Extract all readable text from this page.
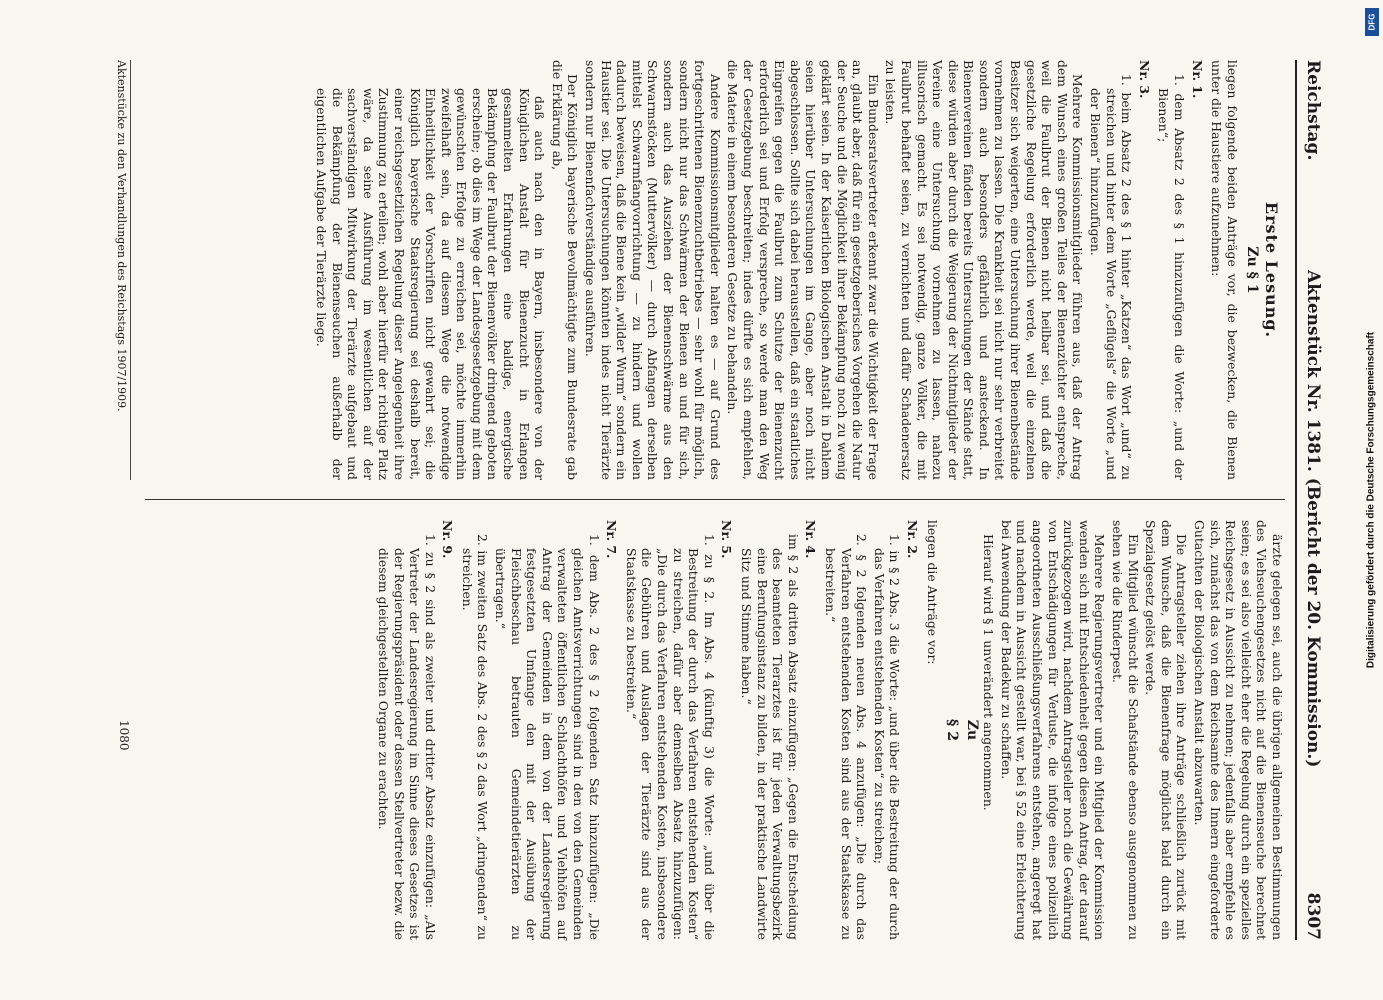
Reichstag.
Aktenstück Nr. 1381. (Bericht der 20. Kommission.)
8307

Erste Lesung.

Zu § 1

liegen folgende beiden Anträge vor, die bezwecken, die Bienen unter die Haustiere aufzunehmen:

Nr. 1.

1. dem Absatz 2 des § 1 hinzuzufügen die Worte: „und der Bienen“;

Nr. 3.

1. beim Absatz 2 des § 1 hinter „Katzen“ das Wort „und“ zu streichen und hinter dem Worte „Geflügels“ die Worte „und der Bienen“ hinzuzufügen.

Mehrere Kommissionsmitglieder führen aus, daß der Antrag dem Wunsch eines großen Teiles der Bienenzüchter entspreche, weil die Faulbrut der Bienen nicht heilbar sei, und daß die gesetzliche Regelung erforderlich werde, weil die einzelnen Besitzer sich weigerten, eine Untersuchung ihrer Bienenbestände vornehmen zu lassen. Die Krankheit sei nicht nur sehr verbreitet sondern auch besonders gefährlich und ansteckend. In Bienenvereinen fänden bereits Untersuchungen der Stände statt, diese würden aber durch die Weigerung der Nichtmitglieder der Vereine eine Untersuchung vornehmen zu lassen, nahezu illusorisch gemacht. Es sei notwendig, ganze Völker, die mit Faulbrut behaftet seien, zu vernichten und dafür Schadenersatz zu leisten.

Ein Bundesratsvertreter erkennt zwar die Wichtigkeit der Frage an, glaubt aber, daß für ein gesetzgeberisches Vorgehen die Natur der Seuche und die Möglichkeit ihrer Bekämpfung noch zu wenig geklärt seien. In der Kaiserlichen Biologischen Anstalt in Dahlem seien hierüber Untersuchungen im Gange, aber noch nicht abgeschlossen. Sollte sich dabei herausstellen, daß ein staatliches Eingreifen gegen die Faulbrut zum Schutze der Bienenzucht erforderlich sei und Erfolg verspreche, so werde man den Weg der Gesetzgebung beschreiten; indes dürfte es sich empfehlen, die Materie in einem besonderen Gesetze zu behandeln.

Andere Kommissionsmitglieder halten es — auf Grund des fortgeschrittenen Bienenzuchtbetriebes — sehr wohl für möglich, sondern nicht nur das Schwärmen der Bienen an und für sich, sondern auch das Ausziehen der Bienenschwärme aus den Schwarmstöcken (Muttervölker) — durch Abfangen derselben mittelst Schwarmfangvorrichtung — zu hindern und wollen dadurch beweisen, daß die Biene kein „wilder Wurm“ sondern ein Haustier sei. Die Untersuchungen könnten indes nicht Tierärzte sondern nur Bienenfachverständige ausführen.

Der Königlich bayerische Bevollmächtigte zum Bundesrate gab die Erklärung ab,

daß auch nach den in Bayern, insbesondere von der Königlichen Anstalt für Bienenzucht in Erlangen gesammelten Erfahrungen eine baldige, energische Bekämpfung der Faulbrut der Bienenvölker dringend geboten erscheine; ob dies im Wege der Landesgesetzgebung mit dem gewünschten Erfolge zu erreichen sei, möchte immerhin zweifelhaft sein, da auf diesem Wege die notwendige Einheitlichkeit der Vorschriften nicht gewahrt sei; die Königlich bayerische Staatsregierung sei deshalb bereit, einer reichsgesetzlichen Regelung dieser Angelegenheit ihre Zustimmung zu erteilen; wohl aber hierfür der richtige Platz wäre, da seine Ausführung im wesentlichen auf der sachverständigen Mitwirkung der Tierärzte aufgebaut und die Bekämpfung der Bienenseuchen außerhalb der eigentlichen Aufgabe der Tierärzte liege.

ärzte gelegen sei, auch die übrigen allgemeinen Bestimmungen des Viehseuchengesetzes nicht auf die Bienenseuche berechnet seien; es sei also vielleicht eher die Regelung durch ein spezielles Reichsgesetz in Aussicht zu nehmen; jedenfalls aber empfehle es sich, zunächst das von dem Reichsamte des Innern eingeforderte Gutachten der Biologischen Anstalt abzuwarten.

Die Antragsteller ziehen ihre Anträge schließlich zurück mit dem Wunsche, daß die Bienenfrage möglichst bald durch ein Spezialgesetz gelöst werde.

Ein Mitglied wünscht die Schafstände ebenso ausgenommen zu sehen wie die Rinderpest.

Mehrere Regierungsvertreter und ein Mitglied der Kommission wenden sich mit Entschiedenheit gegen diesen Antrag, der darauf zurückgezogen wird, nachdem Antragsteller noch die Gewährung von Entschädigungen für Verluste, die infolge eines polizeilich angeordneten Ausschließungsverfahrens entstehen, angeregt hat und nachdem in Aussicht gestellt war, bei § 52 eine Erleichterung bei Anwendung der Badekur zu schaffen.

Hierauf wird § 1 unverändert angenommen.

Zu

§ 2

liegen die Anträge vor:

Nr. 2.

1. in § 2 Abs. 3 die Worte: „und über die Bestreitung der durch das Verfahren entstehenden Kosten“ zu streichen;

2. § 2 folgenden neuen Abs. 4 anzufügen: „Die durch das Verfahren entstehenden Kosten sind aus der Staatskasse zu bestreiten.“

Nr. 4.

im § 2 als dritten Absatz einzufügen: „Gegen die Entscheidung des beamteten Tierarztes ist für jeden Verwaltungsbezirk eine Berufungsinstanz zu bilden, in der praktische Landwirte Sitz und Stimme haben.“

Nr. 5.

1. zu § 2. Im Abs. 4 (künftig 3) die Worte: „und über die Bestreitung der durch das Verfahren entstehenden Kosten“ zu streichen, dafür aber demselben Absatz hinzuzufügen: „Die durch das Verfahren entstehenden Kosten, insbesondere die Gebühren und Auslagen der Tierärzte sind aus der Staatskasse zu bestreiten.“

Nr. 7.

1. dem Abs. 2 des § 2 folgenden Satz hinzuzufügen: „Die gleichen Amtsverrichtungen sind in den von den Gemeinden verwalteten öffentlichen Schlachthöfen und Viehhöfen auf Antrag der Gemeinden in dem von der Landesregierung festgesetzten Umfange den mit der Ausübung der Fleischbeschau betrauten Gemeindetierärzten zu übertragen.“

2. im zweiten Satz des Abs. 2 des § 2 das Wort „dringenden“ zu streichen.

Nr. 9.

1. zu § 2 sind als zweiter und dritter Absatz einzufügen: „Als Vertreter der Landesregierung im Sinne dieses Gesetzes ist der Regierungspräsident oder dessen Stellvertreter bezw. die diesem gleichgestellten Organe zu erachten.

Aktenstücke zu den Verhandlungen des Reichstags 1907/1909.
1080
DFG
Digitalisierung gefördert durch die Deutsche Forschungsgemeinschaft
